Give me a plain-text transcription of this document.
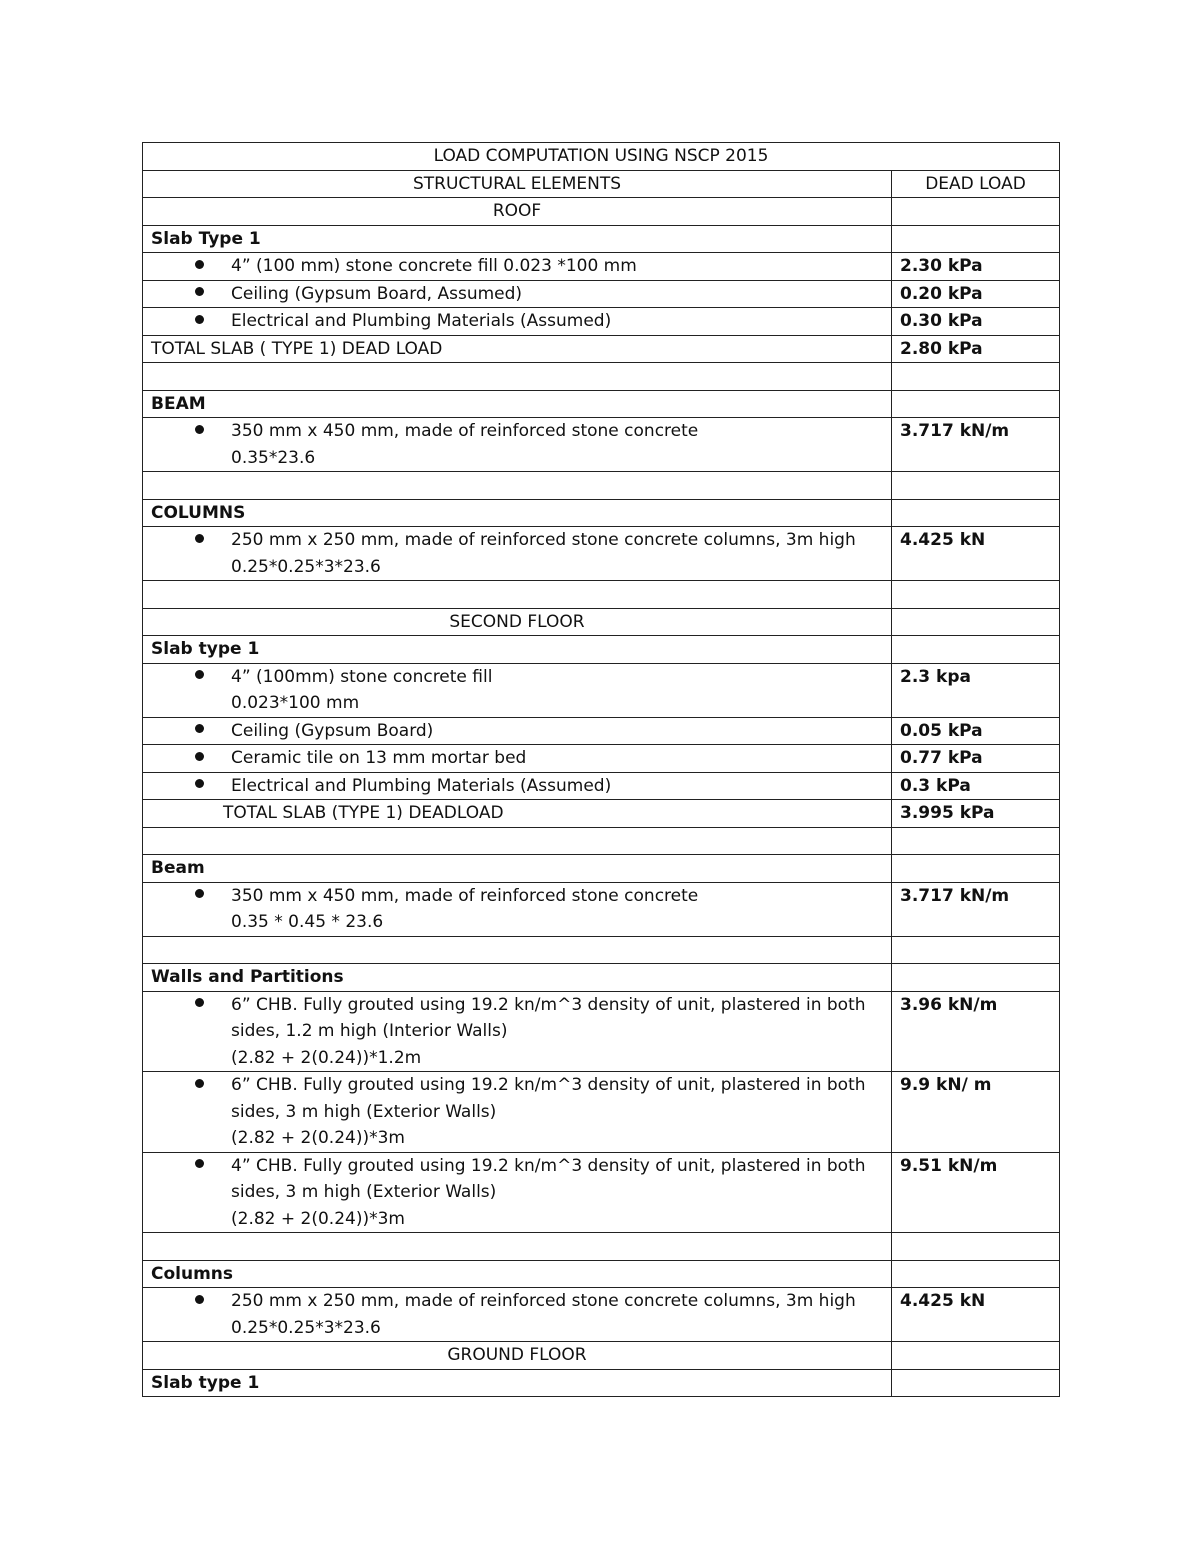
LOAD COMPUTATION USING NSCP 2015	
STRUCTURAL ELEMENTS	DEAD LOAD
ROOF	
Slab Type 1	

4” (100 mm) stone concrete fill 0.023 *100 mm	2.30 kPa

Ceiling (Gypsum Board, Assumed)	0.20 kPa

Electrical and Plumbing Materials (Assumed)	0.30 kPa
TOTAL SLAB ( TYPE 1) DEAD LOAD	2.80 kPa

BEAM	

350 mm x 450 mm, made of reinforced stone concrete
0.35*23.6	3.717 kN/m

COLUMNS	

250 mm x 250 mm, made of reinforced stone concrete columns, 3m high
0.25*0.25*3*23.6	4.425 kN

SECOND FLOOR	
Slab type 1	

4” (100mm) stone concrete fill
0.023*100 mm	2.3 kpa

Ceiling (Gypsum Board)	0.05 kPa

Ceramic tile on 13 mm mortar bed	0.77 kPa

Electrical and Plumbing Materials (Assumed)	0.3 kPa
TOTAL SLAB (TYPE 1) DEADLOAD	3.995 kPa

Beam	

350 mm x 450 mm, made of reinforced stone concrete
0.35 * 0.45 * 23.6	3.717 kN/m

Walls and Partitions	

6” CHB. Fully grouted using 19.2 kn/m^3 density of unit, plastered in both
sides, 1.2 m high (Interior Walls)
(2.82 + 2(0.24))*1.2m	3.96 kN/m

6” CHB. Fully grouted using 19.2 kn/m^3 density of unit, plastered in both
sides, 3 m high (Exterior Walls)
(2.82 + 2(0.24))*3m	9.9 kN/ m

4” CHB. Fully grouted using 19.2 kn/m^3 density of unit, plastered in both
sides, 3 m high (Exterior Walls)
(2.82 + 2(0.24))*3m	9.51 kN/m

Columns	

250 mm x 250 mm, made of reinforced stone concrete columns, 3m high
0.25*0.25*3*23.6	4.425 kN
GROUND FLOOR	
Slab type 1	
